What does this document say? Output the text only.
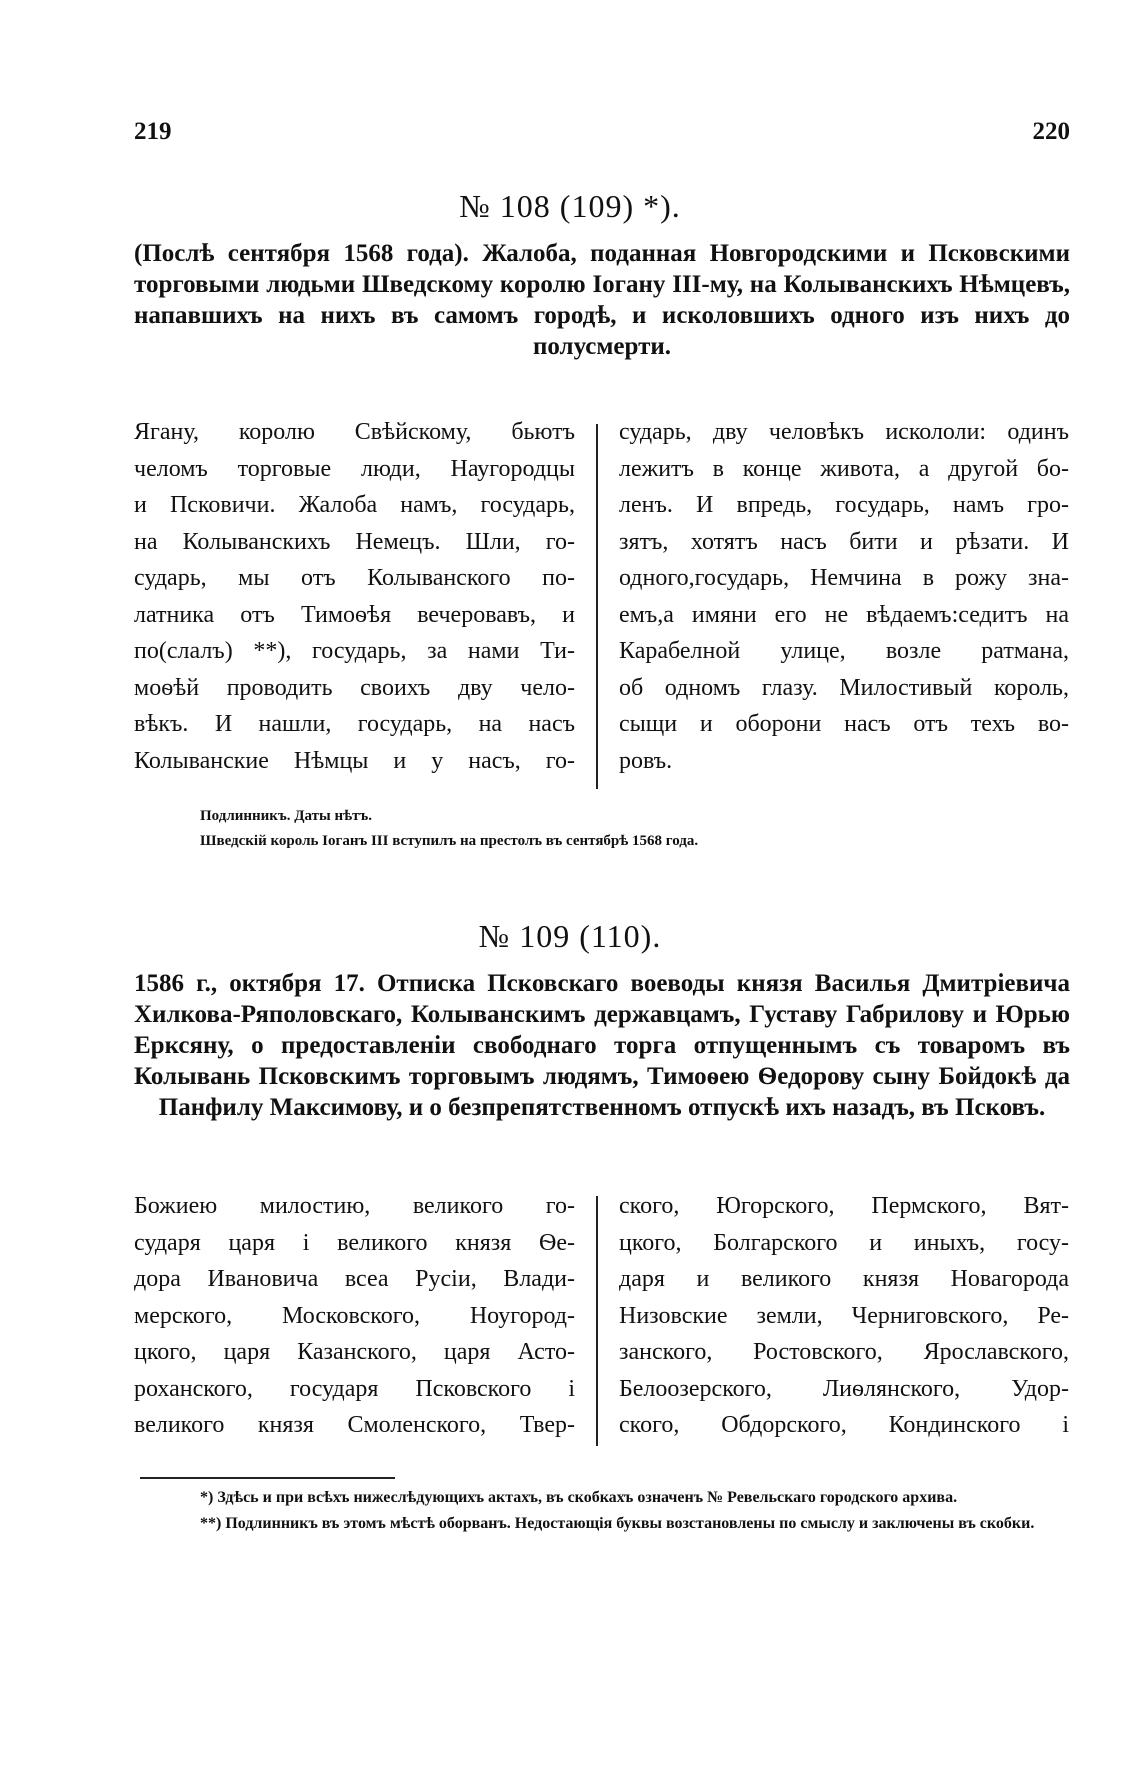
219	220
№ 108 (109) *).
(Послѣ сентября 1568 года). Жалоба, поданная Новгородскими и Псковскими торговыми людьми Шведскому королю Іогану III-му, на Колыванскихъ Нѣмцевъ, напавшихъ на нихъ въ самомъ городѣ, и исколовшихъ одного изъ нихъ до полусмерти.
Ягану, королю Свѣйскому, бьютъ
челомъ торговые люди, Наугородцы
и Псковичи. Жалоба намъ, государь,
на Колыванскихъ Немецъ. Шли, го-
сударь, мы отъ Колыванского по-
латника отъ Тимоѳѣя вечеровавъ, и
по(слалъ) **), государь, за нами Ти-
моѳѣй проводить своихъ дву чело-
вѣкъ. И нашли, государь, на насъ
Колыванские Нѣмцы и у насъ, го-
сударь, дву человѣкъ искололи: одинъ
лежитъ в конце живота, а другой бо-
ленъ. И впредь, государь, намъ гро-
зятъ, хотятъ насъ бити и рѣзати. И
одного,государь, Немчина в рожу зна-
емъ,а имяни его не вѣдаемъ:седитъ на
Карабелной улице, возле ратмана,
об одномъ глазу. Милостивый король,
сыщи и оборони насъ отъ техъ во-
ровъ.
Подлинникъ. Даты нѣтъ.
Шведскій король Іоганъ III вступилъ на престолъ въ сентябрѣ 1568 года.
№ 109 (110).
1586 г., октября 17. Отписка Псковскаго воеводы князя Василья Дмитріевича Хилкова-Ряполовскаго, Колыванскимъ державцамъ, Густаву Габрилову и Юрью Ерксяну, о предоставленіи свободнаго торга отпущеннымъ съ товаромъ въ Колывань Псковскимъ торговымъ людямъ, Тимоѳею Ѳедорову сыну Бойдокѣ да Панфилу Максимову, и о безпрепятственномъ отпускѣ ихъ назадъ, въ Псковъ.
Божиею милостию, великого го-
сударя царя і великого князя Ѳе-
дора Ивановича всеа Русіи, Влади-
мерского, Московского, Ноугород-
цкого, царя Казанского, царя Асто-
роханского, государя Псковского і
великого князя Смоленского, Твер-
ского, Югорского, Пермского, Вят-
цкого, Болгарского и иныхъ, госу-
даря и великого князя Новагорода
Низовские земли, Черниговского, Ре-
занского, Ростовского, Ярославского,
Белоозерского, Лиѳлянского, Удор-
ского, Обдорского, Кондинского і

*) Здѣсь и при всѣхъ нижеслѣдующихъ актахъ, въ скобкахъ означенъ № Ревельскаго городского архива.

**) Подлинникъ въ этомъ мѣстѣ оборванъ. Недостающія буквы возстановлены по смыслу и заключены въ скобки.
